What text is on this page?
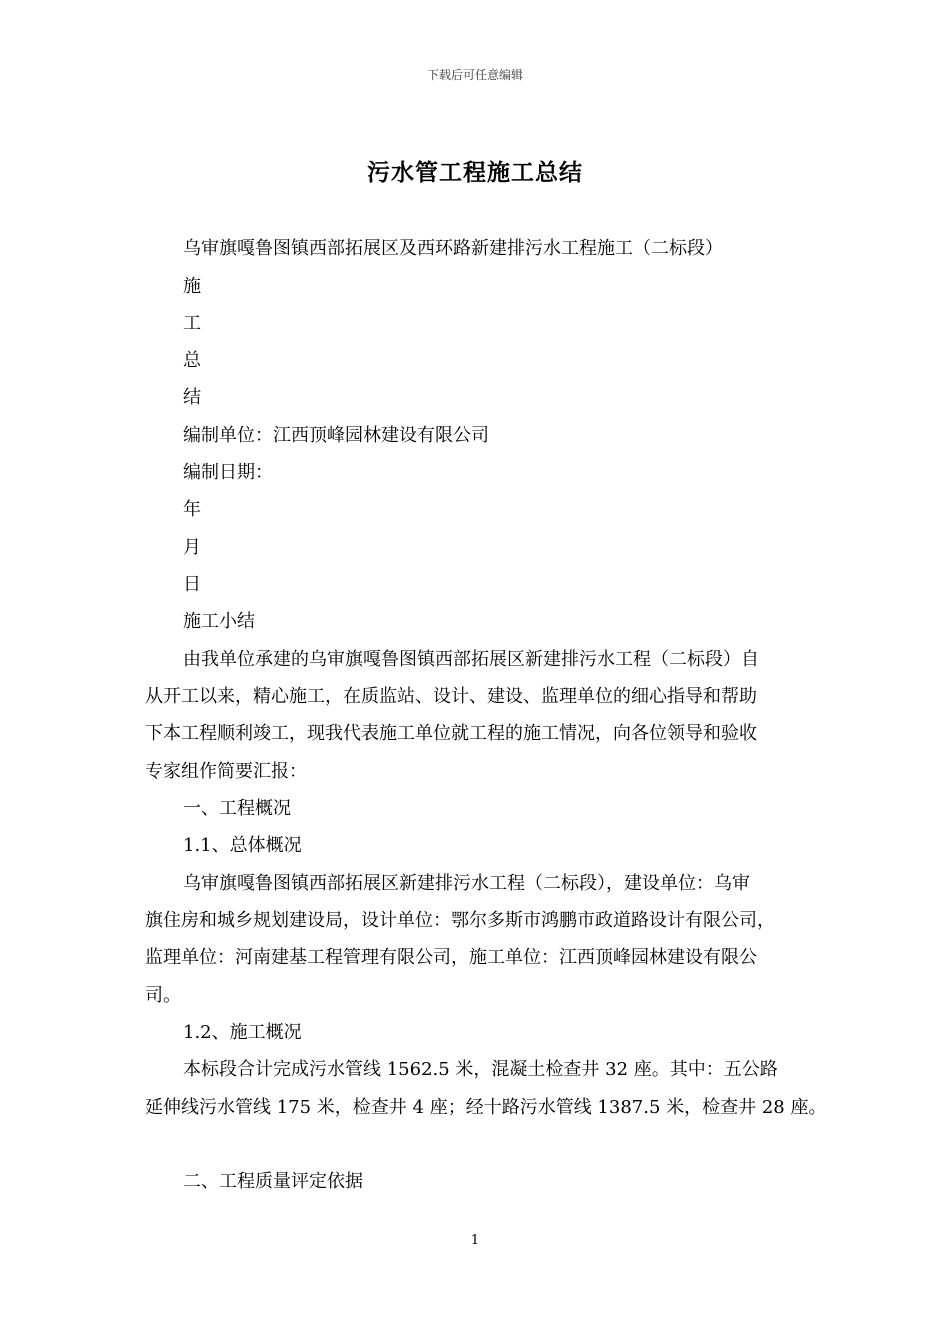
下载后可任意编辑
污水管工程施工总结
乌审旗嘎鲁图镇西部拓展区及西环路新建排污水工程施工（二标段）
施
工
总
结
编制单位：江西顶峰园林建设有限公司
编制日期：
年
月
日
施工小结
由我单位承建的乌审旗嘎鲁图镇西部拓展区新建排污水工程（二标段）自
从开工以来，精心施工，在质监站、设计、建设、监理单位的细心指导和帮助
下本工程顺利竣工，现我代表施工单位就工程的施工情况，向各位领导和验收
专家组作简要汇报：
一、工程概况
1.1、总体概况
乌审旗嘎鲁图镇西部拓展区新建排污水工程（二标段），建设单位：乌审
旗住房和城乡规划建设局，设计单位：鄂尔多斯市鸿鹏市政道路设计有限公司，
监理单位：河南建基工程管理有限公司，施工单位：江西顶峰园林建设有限公
司。
1.2、施工概况
本标段合计完成污水管线 1562.5 米，混凝土检查井 32 座。其中：五公路
延伸线污水管线 175 米，检查井 4 座；经十路污水管线 1387.5 米，检查井 28 座。
二、工程质量评定依据
1
